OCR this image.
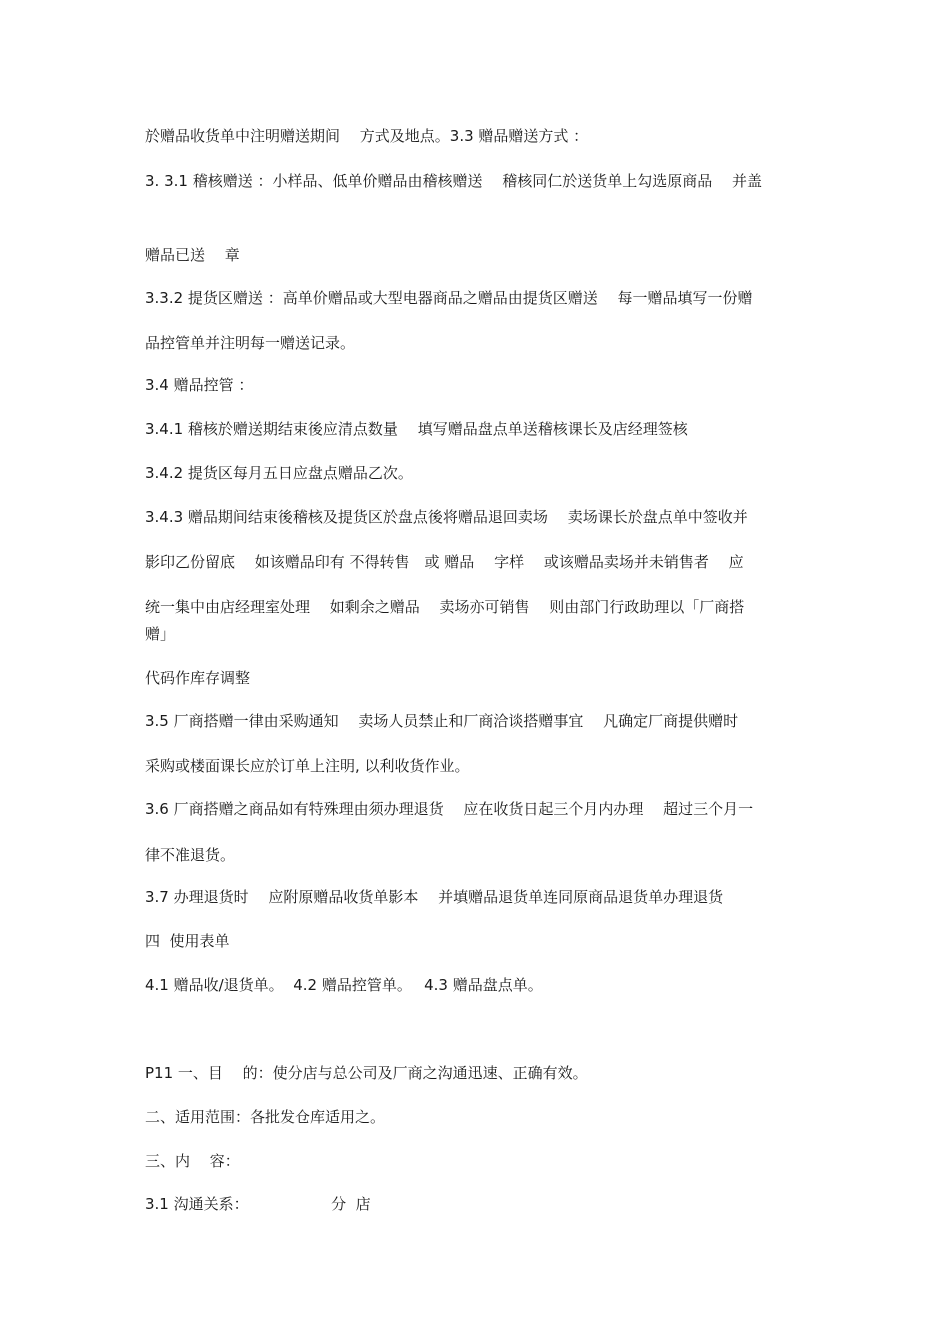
於赠品收货单中注明赠送期间　 方式及地点。3.3 赠品赠送方式 ：
3. 3.1 稽核赠送 ：小样品、低单价赠品由稽核赠送　 稽核同仁於送货单上勾选原商品　 并盖
赠品已送　 章
3.3.2 提货区赠送 ：高单价赠品或大型电器商品之赠品由提货区赠送　 每一赠品填写一份赠
品控管单并注明每一赠送记录。
3.4 赠品控管 ：
3.4.1 稽核於赠送期结束後应清点数量　 填写赠品盘点单送稽核课长及店经理签核
3.4.2 提货区每月五日应盘点赠品乙次。
3.4.3 赠品期间结束後稽核及提货区於盘点後将赠品退回卖场　 卖场课长於盘点单中签收并
影印乙份留底　 如该赠品印有 不得转售　或 赠品　 字样　 或该赠品卖场并未销售者　 应
统一集中由店经理室处理　 如剩余之赠品　 卖场亦可销售　 则由部门行政助理以「厂商搭
赠」
代码作库存调整
3.5 厂商搭赠一律由采购通知　 卖场人员禁止和厂商洽谈搭赠事宜　 凡确定厂商提供赠时
采购或楼面课长应於订单上注明, 以利收货作业。
3.6 厂商搭赠之商品如有特殊理由须办理退货　 应在收货日起三个月内办理　 超过三个月一
律不准退货。
3.7 办理退货时　 应附原赠品收货单影本　 并填赠品退货单连同原商品退货单办理退货
四  使用表单
4.1 赠品收/退货单。  4.2 赠品控管单。　 4.3 赠品盘点单。
P11 一、目　 的：使分店与总公司及厂商之沟通迅速、正确有效。
二、适用范围：各批发仓库适用之。
三、内　 容：
3.1 沟通关系：　　　　　　分  店
